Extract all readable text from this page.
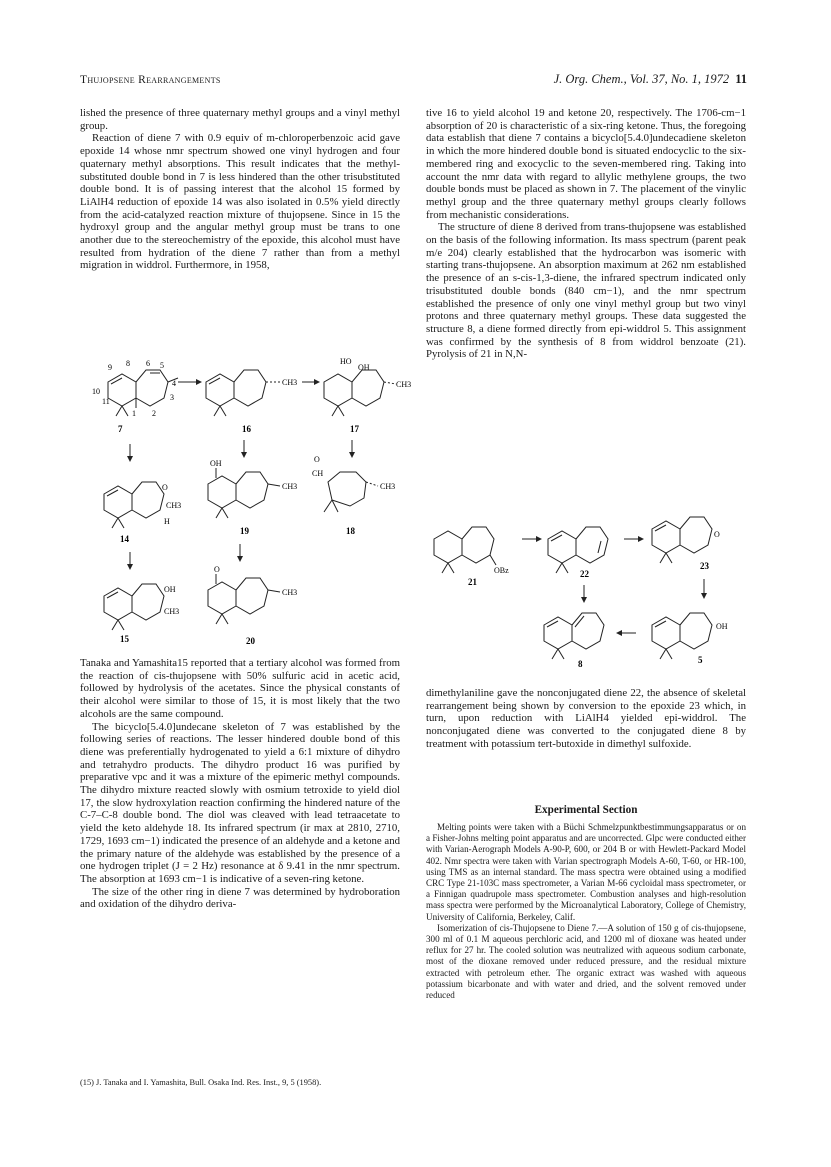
Thujopsene Rearrangements	J. Org. Chem., Vol. 37, No. 1, 1972 11

lished the presence of three quaternary methyl groups and a vinyl methyl group.

Reaction of diene 7 with 0.9 equiv of m-chloroperbenzoic acid gave epoxide 14 whose nmr spectrum showed one vinyl hydrogen and four quaternary methyl absorptions. This result indicates that the methyl-substituted double bond in 7 is less hindered than the other trisubstituted double bond. It is of passing interest that the alcohol 15 formed by LiAlH4 reduction of epoxide 14 was also isolated in 0.5% yield directly from the acid-catalyzed reaction mixture of thujopsene. Since in 15 the hydroxyl group and the angular methyl group must be trans to one another due to the stereochemistry of the epoxide, this alcohol must have resulted from hydration of the diene 7 rather than from a methyl migration in widdrol. Furthermore, in 1958,

9 8 6 5
4
3
10
11
1 2
7
CH3
16
HO
OH
CH3
17
O
CH3
H
14
OH
CH3
19
O
CH
CH3
18
OH
CH3
15
O
CH3
20

Tanaka and Yamashita15 reported that a tertiary alcohol was formed from the reaction of cis-thujopsene with 50% sulfuric acid in acetic acid, followed by hydrolysis of the acetates. Since the physical constants of their alcohol were similar to those of 15, it is most likely that the two alcohols are the same compound.

The bicyclo[5.4.0]undecane skeleton of 7 was established by the following series of reactions. The lesser hindered double bond of this diene was preferentially hydrogenated to yield a 6:1 mixture of dihydro and tetrahydro products. The dihydro product 16 was purified by preparative vpc and it was a mixture of the epimeric methyl compounds. The dihydro mixture reacted slowly with osmium tetroxide to yield diol 17, the slow hydroxylation reaction confirming the hindered nature of the C-7–C-8 double bond. The diol was cleaved with lead tetraacetate to yield the keto aldehyde 18. Its infrared spectrum (ir max at 2810, 2710, 1729, 1693 cm−1) indicated the presence of an aldehyde and a ketone and the primary nature of the aldehyde was established by the presence of a one hydrogen triplet (J = 2 Hz) resonance at δ 9.41 in the nmr spectrum. The absorption at 1693 cm−1 is indicative of a seven-ring ketone.

The size of the other ring in diene 7 was determined by hydroboration and oxidation of the dihydro deriva-

(15) J. Tanaka and I. Yamashita, Bull. Osaka Ind. Res. Inst., 9, 5 (1958).

tive 16 to yield alcohol 19 and ketone 20, respectively. The 1706-cm−1 absorption of 20 is characteristic of a six-ring ketone. Thus, the foregoing data establish that diene 7 contains a bicyclo[5.4.0]undecadiene skeleton in which the more hindered double bond is situated endocyclic to the six-membered ring and exocyclic to the seven-membered ring. Taking into account the nmr data with regard to allylic methylene groups, the two double bonds must be placed as shown in 7. The placement of the vinylic methyl group and the three quaternary methyl groups clearly follows from mechanistic considerations.

The structure of diene 8 derived from trans-thujopsene was established on the basis of the following information. Its mass spectrum (parent peak m/e 204) clearly established that the hydrocarbon was isomeric with starting trans-thujopsene. An absorption maximum at 262 nm established the presence of an s-cis-1,3-diene, the infrared spectrum indicated only trisubstituted double bonds (840 cm−1), and the nmr spectrum established the presence of only one vinyl methyl group but two vinyl protons and three quaternary methyl groups. These data suggested the structure 8, a diene formed directly from epi-widdrol 5. This assignment was confirmed by the synthesis of 8 from widdrol benzoate (21). Pyrolysis of 21 in N,N-

OBz
21
22
O
23
8
OH
5

dimethylaniline gave the nonconjugated diene 22, the absence of skeletal rearrangement being shown by conversion to the epoxide 23 which, in turn, upon reduction with LiAlH4 yielded epi-widdrol. The nonconjugated diene was converted to the conjugated diene 8 by treatment with potassium tert-butoxide in dimethyl sulfoxide.

Experimental Section

Melting points were taken with a Büchi Schmelzpunktbestimmungsapparatus or on a Fisher-Johns melting point apparatus and are uncorrected. Glpc were conducted either with Varian-Aerograph Models A-90-P, 600, or 204 B or with Hewlett-Packard Model 402. Nmr spectra were taken with Varian spectrograph Models A-60, T-60, or HR-100, using TMS as an internal standard. The mass spectra were obtained using a modified CRC Type 21-103C mass spectrometer, a Varian M-66 cycloidal mass spectrometer, or a Finnigan quadrupole mass spectrometer. Combustion analyses and high-resolution mass spectra were performed by the Microanalytical Laboratory, College of Chemistry, University of California, Berkeley, Calif.

Isomerization of cis-Thujopsene to Diene 7.—A solution of 150 g of cis-thujopsene, 300 ml of 0.1 M aqueous perchloric acid, and 1200 ml of dioxane was heated under reflux for 27 hr. The cooled solution was neutralized with aqueous sodium carbonate, most of the dioxane removed under reduced pressure, and the residual mixture extracted with petroleum ether. The organic extract was washed with aqueous potassium bicarbonate and with water and dried, and the solvent removed under reduced
